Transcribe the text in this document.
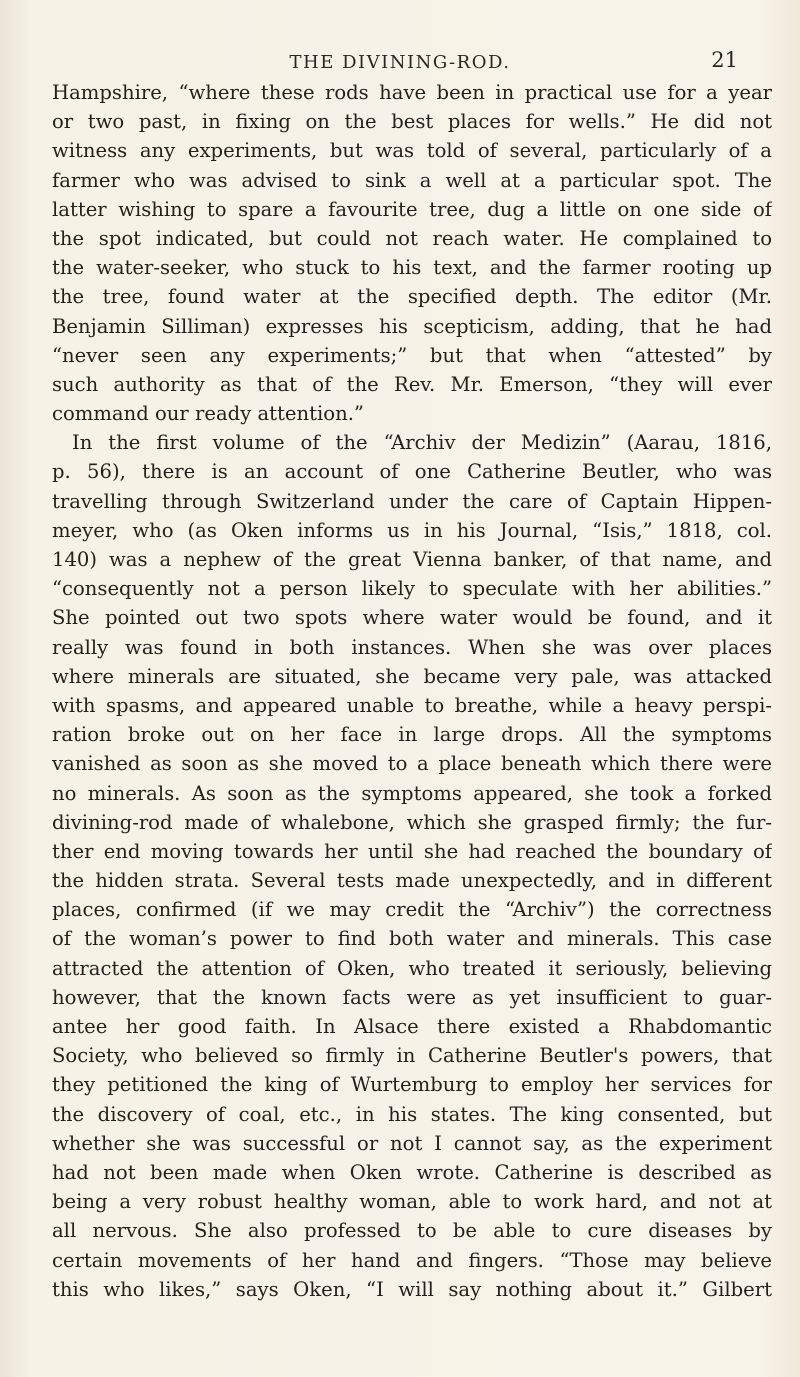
THE DIVINING-ROD.	21
Hampshire, “where these rods have been in practical use for a year
or two past, in fixing on the best places for wells.” He did not
witness any experiments, but was told of several, particularly of a
farmer who was advised to sink a well at a particular spot. The
latter wishing to spare a favourite tree, dug a little on one side of
the spot indicated, but could not reach water. He complained to
the water-seeker, who stuck to his text, and the farmer rooting up
the tree, found water at the specified depth. The editor (Mr.
Benjamin Silliman) expresses his scepticism, adding, that he had
“never seen any experiments;” but that when “attested” by
such authority as that of the Rev. Mr. Emerson, “they will ever
command our ready attention.”
In the first volume of the “Archiv der Medizin” (Aarau, 1816,
p. 56), there is an account of one Catherine Beutler, who was
travelling through Switzerland under the care of Captain Hippen-
meyer, who (as Oken informs us in his Journal, “Isis,” 1818, col.
140) was a nephew of the great Vienna banker, of that name, and
“consequently not a person likely to speculate with her abilities.”
She pointed out two spots where water would be found, and it
really was found in both instances. When she was over places
where minerals are situated, she became very pale, was attacked
with spasms, and appeared unable to breathe, while a heavy perspi-
ration broke out on her face in large drops. All the symptoms
vanished as soon as she moved to a place beneath which there were
no minerals. As soon as the symptoms appeared, she took a forked
divining-rod made of whalebone, which she grasped firmly; the fur-
ther end moving towards her until she had reached the boundary of
the hidden strata. Several tests made unexpectedly, and in different
places, confirmed (if we may credit the “Archiv”) the correctness
of the woman’s power to find both water and minerals. This case
attracted the attention of Oken, who treated it seriously, believing
however, that the known facts were as yet insufficient to guar-
antee her good faith. In Alsace there existed a Rhabdomantic
Society, who believed so firmly in Catherine Beutler's powers, that
they petitioned the king of Wurtemburg to employ her services for
the discovery of coal, etc., in his states. The king consented, but
whether she was successful or not I cannot say, as the experiment
had not been made when Oken wrote. Catherine is described as
being a very robust healthy woman, able to work hard, and not at
all nervous. She also professed to be able to cure diseases by
certain movements of her hand and fingers. “Those may believe
this who likes,” says Oken, “I will say nothing about it.” Gilbert
